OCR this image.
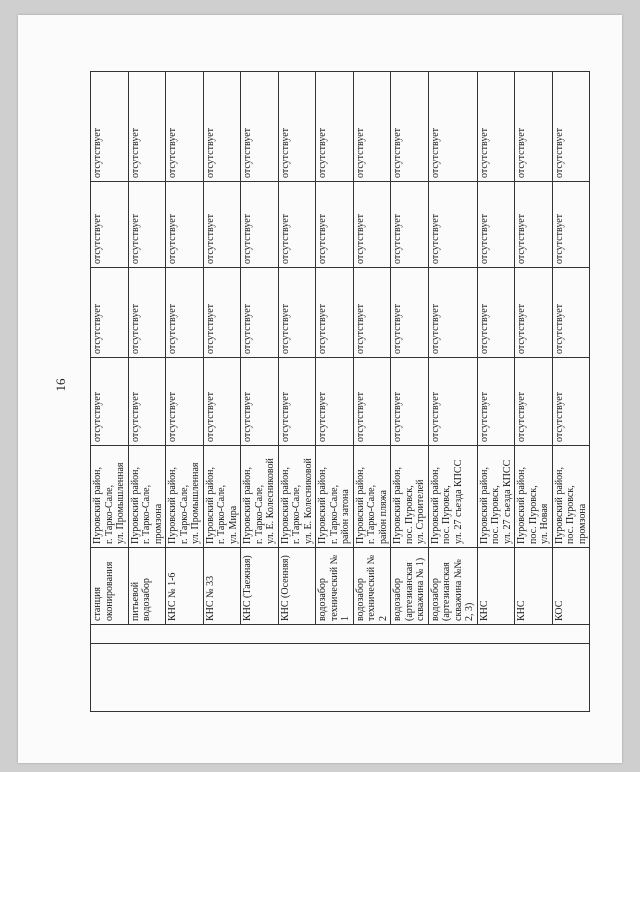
16
		станция оконирования	Пуровский район, г. Тарко-Сале, ул. Промышленная	отсутствует	отсутствует	отсутствует	отсутствует
		питьевой водозабор	Пуровский район, г. Тарко-Сале, промзона	отсутствует	отсутствует	отсутствует	отсутствует
		КНС № 1-6	Пуровский район, г. Тарко-Сале, ул. Промышленная	отсутствует	отсутствует	отсутствует	отсутствует
		КНС № 33	Пуровский район, г. Тарко-Сале, ул. Мира	отсутствует	отсутствует	отсутствует	отсутствует
		КНС (Таежная)	Пуровский район, г. Тарко-Сале, ул. Е. Колесниковой	отсутствует	отсутствует	отсутствует	отсутствует
		КНС (Осенняя)	Пуровский район, г. Тарко-Сале, ул. Е. Колесниковой	отсутствует	отсутствует	отсутствует	отсутствует
		водозабор технический № 1	Пуровский район, г. Тарко-Сале, район затона	отсутствует	отсутствует	отсутствует	отсутствует
		водозабор технический № 2	Пуровский район, г. Тарко-Сале, район пляжа	отсутствует	отсутствует	отсутствует	отсутствует
		водозабор (артезианская скважина № 1)	Пуровский район, пос. Пуровск, ул. Строителей	отсутствует	отсутствует	отсутствует	отсутствует
		водозабор (артезианская скважина №№ 2, 3)	Пуровский район, пос. Пуровск, ул. 27 съезда КПСС	отсутствует	отсутствует	отсутствует	отсутствует
		КНС	Пуровский район, пос. Пуровск, ул. 27 съезда КПСС	отсутствует	отсутствует	отсутствует	отсутствует
		КНС	Пуровский район, пос. Пуровск, ул. Новая	отсутствует	отсутствует	отсутствует	отсутствует
		КОС	Пуровский район, пос. Пуровск, промзона	отсутствует	отсутствует	отсутствует	отсутствует
